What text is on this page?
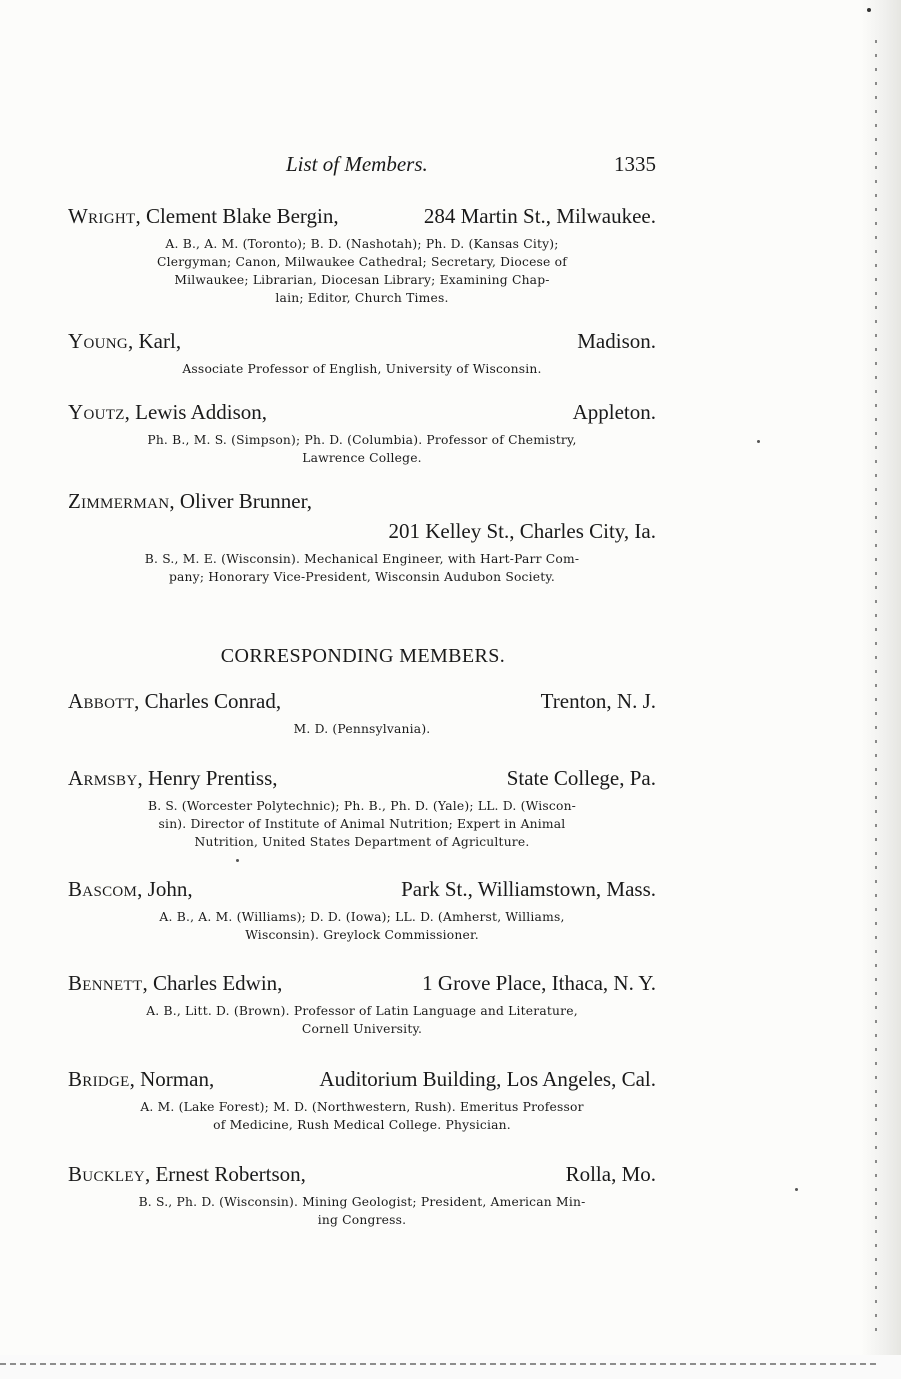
List of Members.	1335
Wright, Clement Blake Bergin,	284 Martin St., Milwaukee.
A. B., A. M. (Toronto); B. D. (Nashotah); Ph. D. (Kansas City);
Clergyman; Canon, Milwaukee Cathedral; Secretary, Diocese of
Milwaukee; Librarian, Diocesan Library; Examining Chap-
lain; Editor, Church Times.
Young, Karl,	Madison.
Associate Professor of English, University of Wisconsin.
Youtz, Lewis Addison,	Appleton.
Ph. B., M. S. (Simpson); Ph. D. (Columbia). Professor of Chemistry,
Lawrence College.
Zimmerman, Oliver Brunner,
201 Kelley St., Charles City, Ia.
B. S., M. E. (Wisconsin). Mechanical Engineer, with Hart-Parr Com-
pany; Honorary Vice-President, Wisconsin Audubon Society.
CORRESPONDING MEMBERS.
Abbott, Charles Conrad,	Trenton, N. J.
M. D. (Pennsylvania).
Armsby, Henry Prentiss,	State College, Pa.
B. S. (Worcester Polytechnic); Ph. B., Ph. D. (Yale); LL. D. (Wiscon-
sin). Director of Institute of Animal Nutrition; Expert in Animal
Nutrition, United States Department of Agriculture.
Bascom, John,	Park St., Williamstown, Mass.
A. B., A. M. (Williams); D. D. (Iowa); LL. D. (Amherst, Williams,
Wisconsin). Greylock Commissioner.
Bennett, Charles Edwin,	1 Grove Place, Ithaca, N. Y.
A. B., Litt. D. (Brown). Professor of Latin Language and Literature,
Cornell University.
Bridge, Norman,	Auditorium Building, Los Angeles, Cal.
A. M. (Lake Forest); M. D. (Northwestern, Rush). Emeritus Professor
of Medicine, Rush Medical College. Physician.
Buckley, Ernest Robertson,	Rolla, Mo.
B. S., Ph. D. (Wisconsin). Mining Geologist; President, American Min-
ing Congress.
